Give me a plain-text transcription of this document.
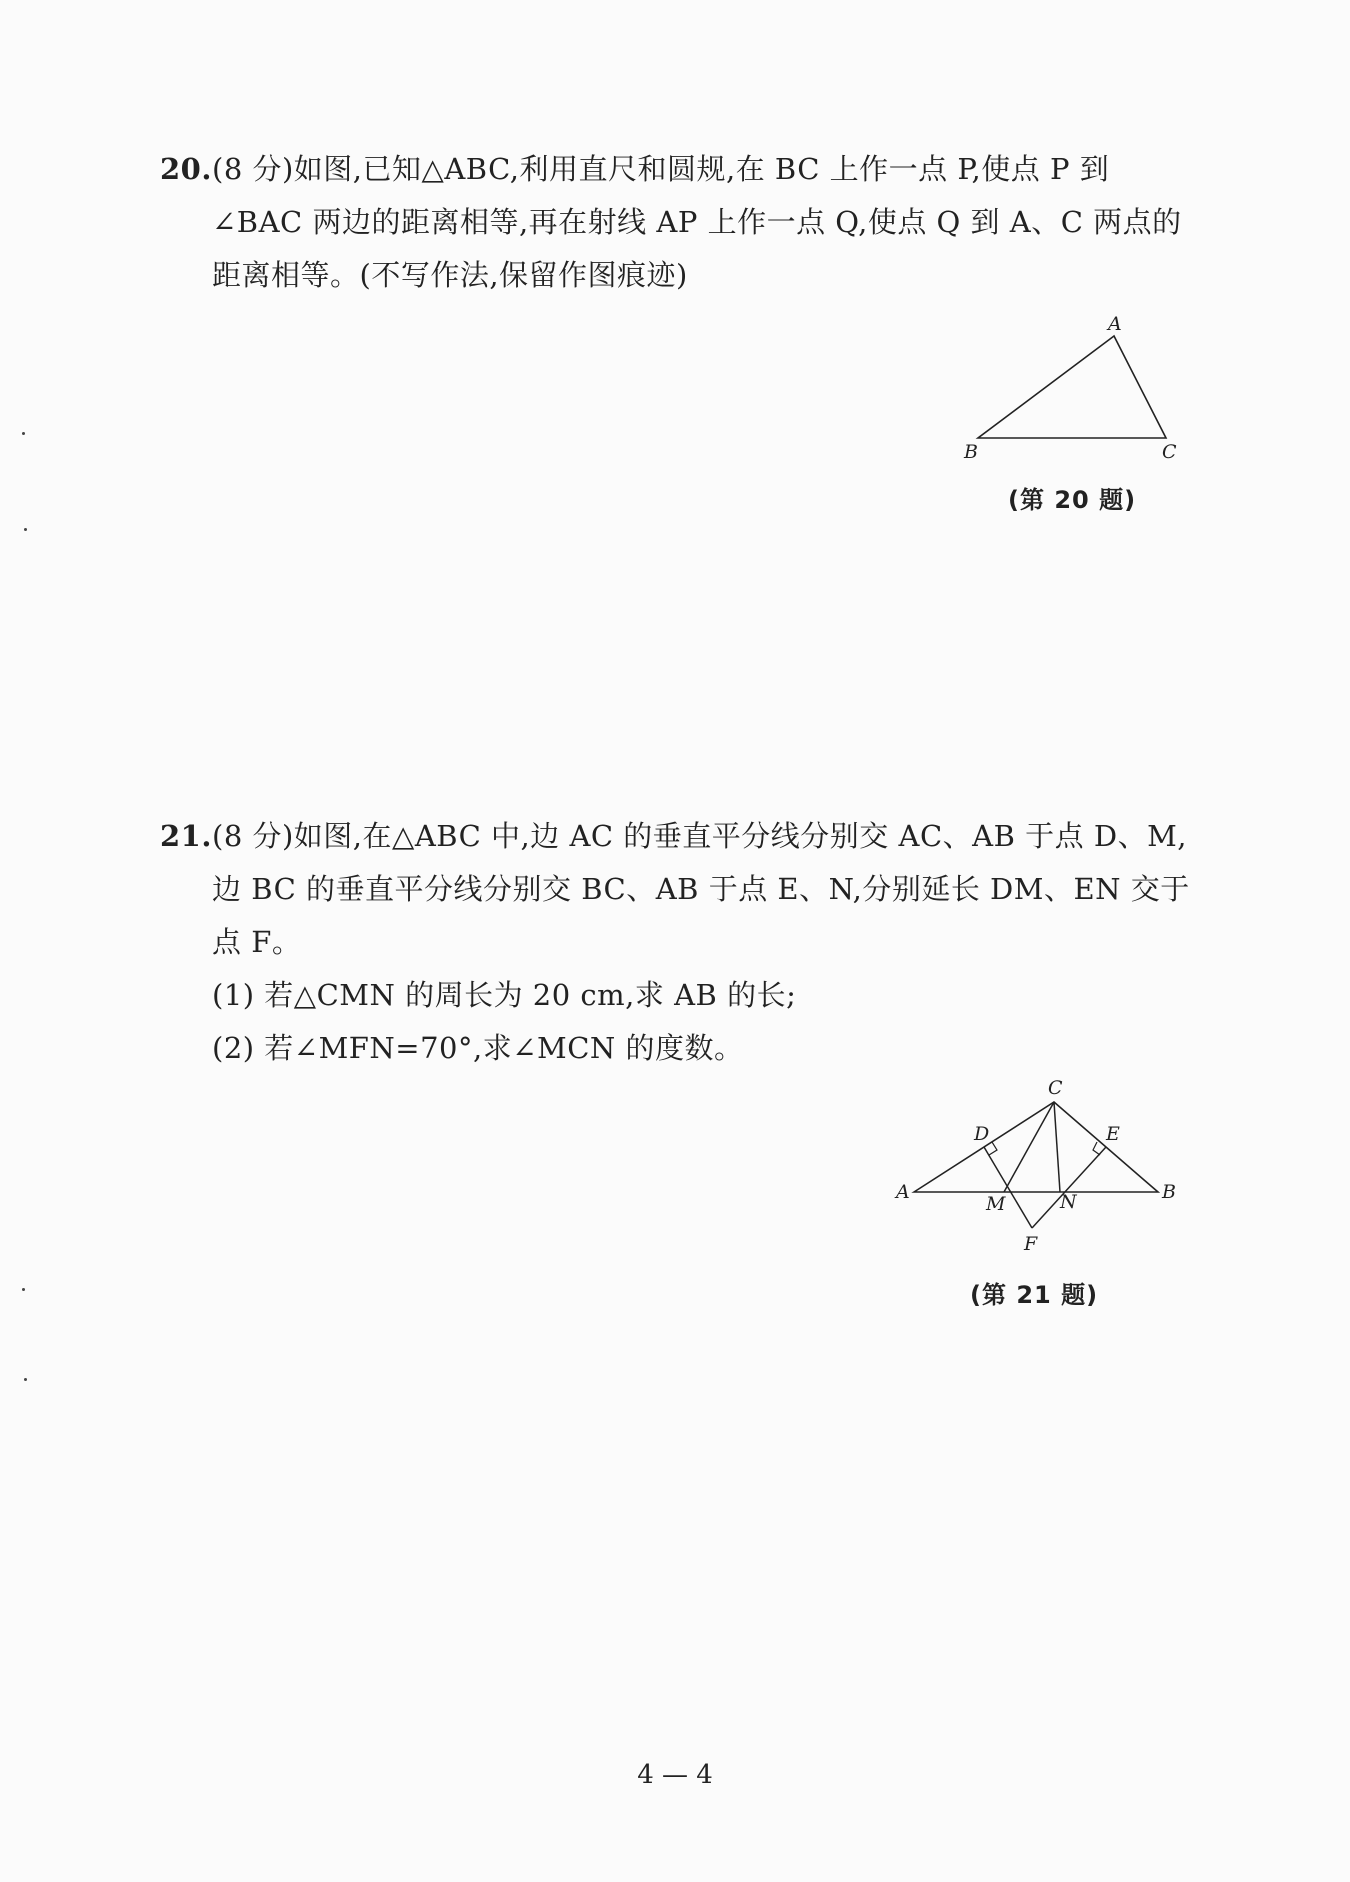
20. (8 分)如图,已知△ABC,利用直尺和圆规,在 BC 上作一点 P,使点 P 到
∠BAC 两边的距离相等,再在射线 AP 上作一点 Q,使点 Q 到 A、C 两点的
距离相等。(不写作法,保留作图痕迹)
A
B	C
(第 20 题)
21. (8 分)如图,在△ABC 中,边 AC 的垂直平分线分别交 AC、AB 于点 D、M,
边 BC 的垂直平分线分别交 BC、AB 于点 E、N,分别延长 DM、EN 交于
点 F。
(1) 若△CMN 的周长为 20 cm,求 AB 的长;
(2) 若∠MFN=70°,求∠MCN 的度数。
C
D	E
A	B
M	N
F
(第 21 题)
4 — 4
